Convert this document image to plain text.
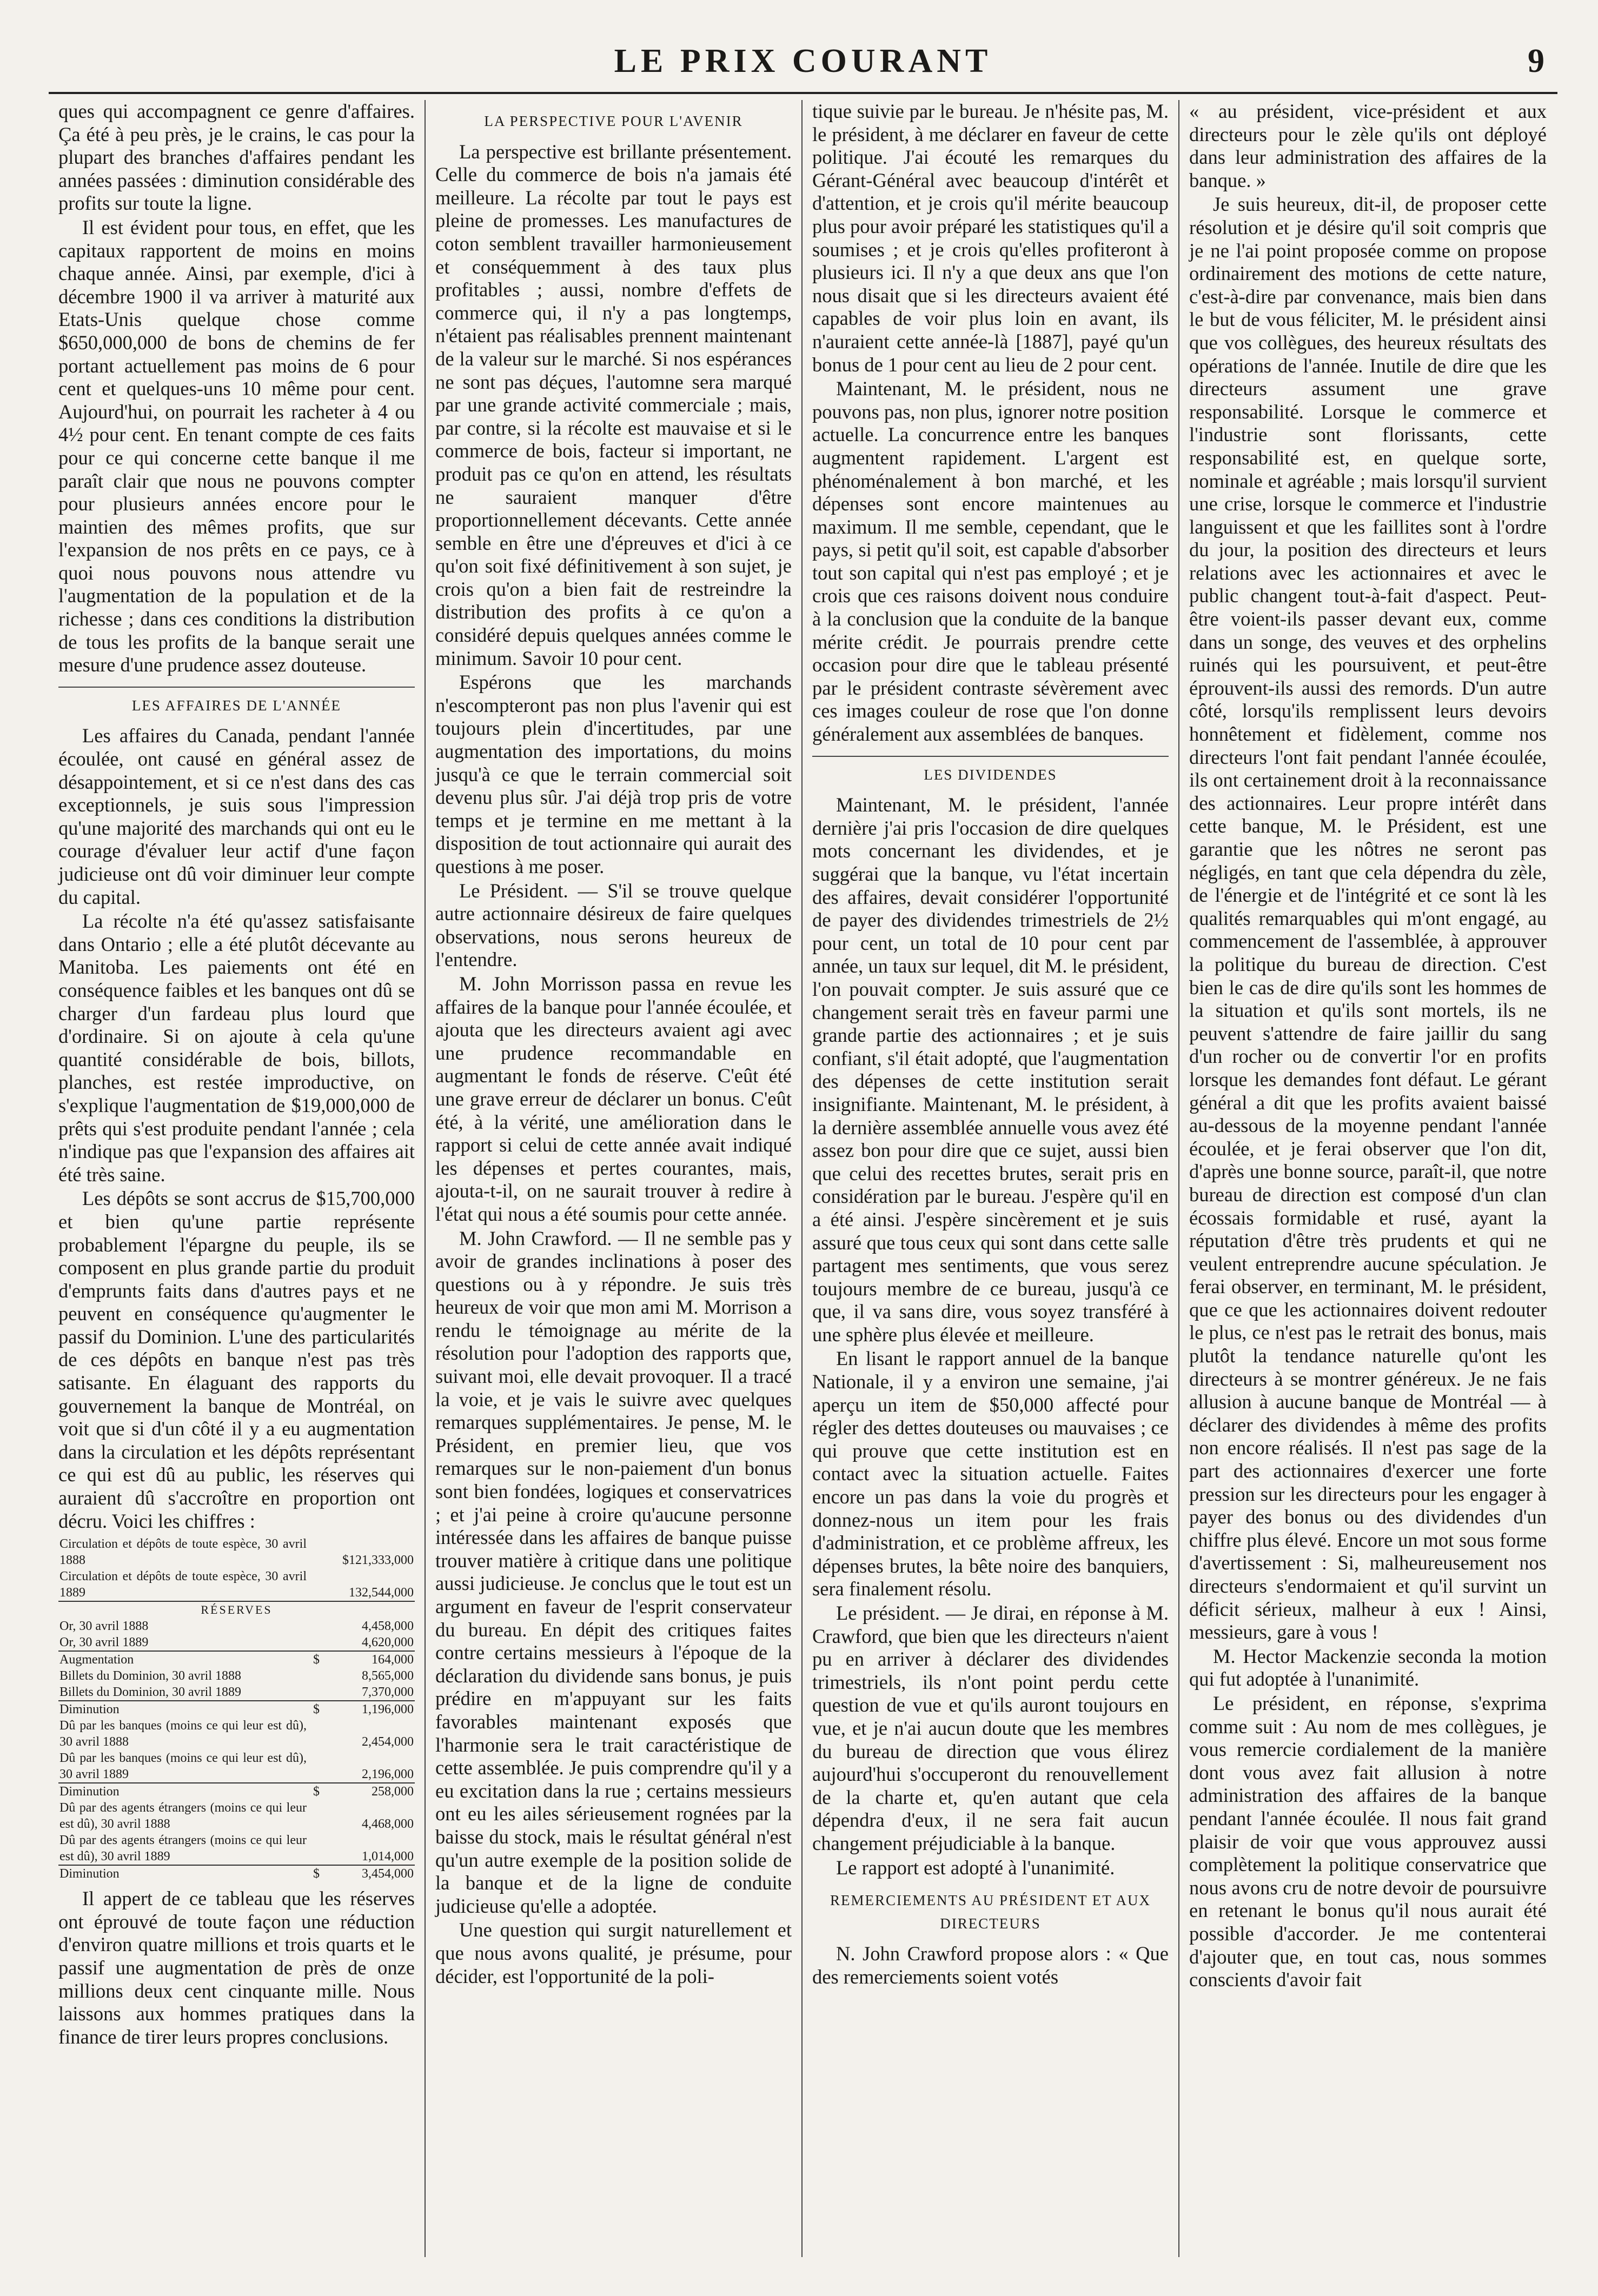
LE PRIX COURANT	9

ques qui accompagnent ce genre d'affaires. Ça été à peu près, je le crains, le cas pour la plupart des branches d'affaires pendant les années passées : diminution considérable des profits sur toute la ligne.

Il est évident pour tous, en effet, que les capitaux rapportent de moins en moins chaque année. Ainsi, par exemple, d'ici à décembre 1900 il va arriver à maturité aux Etats-Unis quelque chose comme $650,000,000 de bons de chemins de fer portant actuellement pas moins de 6 pour cent et quelques-uns 10 même pour cent. Aujourd'hui, on pourrait les racheter à 4 ou 4½ pour cent. En tenant compte de ces faits pour ce qui concerne cette banque il me paraît clair que nous ne pouvons compter pour plusieurs années encore pour le maintien des mêmes profits, que sur l'expansion de nos prêts en ce pays, ce à quoi nous pouvons nous attendre vu l'augmentation de la population et de la richesse ; dans ces conditions la distribution de tous les profits de la banque serait une mesure d'une prudence assez douteuse.

LES AFFAIRES DE L'ANNÉE

Les affaires du Canada, pendant l'année écoulée, ont causé en général assez de désappointement, et si ce n'est dans des cas exceptionnels, je suis sous l'impression qu'une majorité des marchands qui ont eu le courage d'évaluer leur actif d'une façon judicieuse ont dû voir diminuer leur compte du capital.

La récolte n'a été qu'assez satisfaisante dans Ontario ; elle a été plutôt décevante au Manitoba. Les paiements ont été en conséquence faibles et les banques ont dû se charger d'un fardeau plus lourd que d'ordinaire. Si on ajoute à cela qu'une quantité considérable de bois, billots, planches, est restée improductive, on s'explique l'augmentation de $19,000,000 de prêts qui s'est produite pendant l'année ; cela n'indique pas que l'expansion des affaires ait été très saine.

Les dépôts se sont accrus de $15,700,000 et bien qu'une partie représente probablement l'épargne du peuple, ils se composent en plus grande partie du produit d'emprunts faits dans d'autres pays et ne peuvent en conséquence qu'augmenter le passif du Dominion. L'une des particularités de ces dépôts en banque n'est pas très satisante. En élaguant des rapports du gouvernement la banque de Montréal, on voit que si d'un côté il y a eu augmentation dans la circulation et les dépôts représentant ce qui est dû au public, les réserves qui auraient dû s'accroître en proportion ont décru. Voici les chiffres :

Circulation et dépôts de toute espèce, 30 avril 1888		$121,333,000
Circulation et dépôts de toute espèce, 30 avril 1889		132,544,000
RÉSERVES		
Or, 30 avril 1888		4,458,000
Or, 30 avril 1889		4,620,000
Augmentation	$	164,000
Billets du Dominion, 30 avril 1888		8,565,000
Billets du Dominion, 30 avril 1889		7,370,000
Diminution	$	1,196,000
Dû par les banques (moins ce qui leur est dû), 30 avril 1888		2,454,000
Dû par les banques (moins ce qui leur est dû), 30 avril 1889		2,196,000
Diminution	$	258,000
Dû par des agents étrangers (moins ce qui leur est dû), 30 avril 1888		4,468,000
Dû par des agents étrangers (moins ce qui leur est dû), 30 avril 1889		1,014,000
Diminution	$	3,454,000

Il appert de ce tableau que les réserves ont éprouvé de toute façon une réduction d'environ quatre millions et trois quarts et le passif une augmentation de près de onze millions deux cent cinquante mille. Nous laissons aux hommes pratiques dans la finance de tirer leurs propres conclusions.

LA PERSPECTIVE POUR L'AVENIR

La perspective est brillante présentement. Celle du commerce de bois n'a jamais été meilleure. La récolte par tout le pays est pleine de promesses. Les manufactures de coton semblent travailler harmonieusement et conséquemment à des taux plus profitables ; aussi, nombre d'effets de commerce qui, il n'y a pas longtemps, n'étaient pas réalisables prennent maintenant de la valeur sur le marché. Si nos espérances ne sont pas déçues, l'automne sera marqué par une grande activité commerciale ; mais, par contre, si la récolte est mauvaise et si le commerce de bois, facteur si important, ne produit pas ce qu'on en attend, les résultats ne sauraient manquer d'être proportionnellement décevants. Cette année semble en être une d'épreuves et d'ici à ce qu'on soit fixé définitivement à son sujet, je crois qu'on a bien fait de restreindre la distribution des profits à ce qu'on a considéré depuis quelques années comme le minimum. Savoir 10 pour cent.

Espérons que les marchands n'escompteront pas non plus l'avenir qui est toujours plein d'incertitudes, par une augmentation des importations, du moins jusqu'à ce que le terrain commercial soit devenu plus sûr. J'ai déjà trop pris de votre temps et je termine en me mettant à la disposition de tout actionnaire qui aurait des questions à me poser.

Le Président. — S'il se trouve quelque autre actionnaire désireux de faire quelques observations, nous serons heureux de l'entendre.

M. John Morrisson passa en revue les affaires de la banque pour l'année écoulée, et ajouta que les directeurs avaient agi avec une prudence recommandable en augmentant le fonds de réserve. C'eût été une grave erreur de déclarer un bonus. C'eût été, à la vérité, une amélioration dans le rapport si celui de cette année avait indiqué les dépenses et pertes courantes, mais, ajouta-t-il, on ne saurait trouver à redire à l'état qui nous a été soumis pour cette année.

M. John Crawford. — Il ne semble pas y avoir de grandes inclinations à poser des questions ou à y répondre. Je suis très heureux de voir que mon ami M. Morrison a rendu le témoignage au mérite de la résolution pour l'adoption des rapports que, suivant moi, elle devait provoquer. Il a tracé la voie, et je vais le suivre avec quelques remarques supplémentaires. Je pense, M. le Président, en premier lieu, que vos remarques sur le non-paiement d'un bonus sont bien fondées, logiques et conservatrices ; et j'ai peine à croire qu'aucune personne intéressée dans les affaires de banque puisse trouver matière à critique dans une politique aussi judicieuse. Je conclus que le tout est un argument en faveur de l'esprit conservateur du bureau. En dépit des critiques faites contre certains messieurs à l'époque de la déclaration du dividende sans bonus, je puis prédire en m'appuyant sur les faits favorables maintenant exposés que l'harmonie sera le trait caractéristique de cette assemblée. Je puis comprendre qu'il y a eu excitation dans la rue ; certains messieurs ont eu les ailes sérieusement rognées par la baisse du stock, mais le résultat général n'est qu'un autre exemple de la position solide de la banque et de la ligne de conduite judicieuse qu'elle a adoptée.

Une question qui surgit naturellement et que nous avons qualité, je présume, pour décider, est l'opportunité de la poli-

tique suivie par le bureau. Je n'hésite pas, M. le président, à me déclarer en faveur de cette politique. J'ai écouté les remarques du Gérant-Général avec beaucoup d'intérêt et d'attention, et je crois qu'il mérite beaucoup plus pour avoir préparé les statistiques qu'il a soumises ; et je crois qu'elles profiteront à plusieurs ici. Il n'y a que deux ans que l'on nous disait que si les directeurs avaient été capables de voir plus loin en avant, ils n'auraient cette année-là [1887], payé qu'un bonus de 1 pour cent au lieu de 2 pour cent.

Maintenant, M. le président, nous ne pouvons pas, non plus, ignorer notre position actuelle. La concurrence entre les banques augmentent rapidement. L'argent est phénoménalement à bon marché, et les dépenses sont encore maintenues au maximum. Il me semble, cependant, que le pays, si petit qu'il soit, est capable d'absorber tout son capital qui n'est pas employé ; et je crois que ces raisons doivent nous conduire à la conclusion que la conduite de la banque mérite crédit. Je pourrais prendre cette occasion pour dire que le tableau présenté par le président contraste sévèrement avec ces images couleur de rose que l'on donne généralement aux assemblées de banques.

LES DIVIDENDES

Maintenant, M. le président, l'année dernière j'ai pris l'occasion de dire quelques mots concernant les dividendes, et je suggérai que la banque, vu l'état incertain des affaires, devait considérer l'opportunité de payer des dividendes trimestriels de 2½ pour cent, un total de 10 pour cent par année, un taux sur lequel, dit M. le président, l'on pouvait compter. Je suis assuré que ce changement serait très en faveur parmi une grande partie des actionnaires ; et je suis confiant, s'il était adopté, que l'augmentation des dépenses de cette institution serait insignifiante. Maintenant, M. le président, à la dernière assemblée annuelle vous avez été assez bon pour dire que ce sujet, aussi bien que celui des recettes brutes, serait pris en considération par le bureau. J'espère qu'il en a été ainsi. J'espère sincèrement et je suis assuré que tous ceux qui sont dans cette salle partagent mes sentiments, que vous serez toujours membre de ce bureau, jusqu'à ce que, il va sans dire, vous soyez transféré à une sphère plus élevée et meilleure.

En lisant le rapport annuel de la banque Nationale, il y a environ une semaine, j'ai aperçu un item de $50,000 affecté pour régler des dettes douteuses ou mauvaises ; ce qui prouve que cette institution est en contact avec la situation actuelle. Faites encore un pas dans la voie du progrès et donnez-nous un item pour les frais d'administration, et ce problème affreux, les dépenses brutes, la bête noire des banquiers, sera finalement résolu.

Le président. — Je dirai, en réponse à M. Crawford, que bien que les directeurs n'aient pu en arriver à déclarer des dividendes trimestriels, ils n'ont point perdu cette question de vue et qu'ils auront toujours en vue, et je n'ai aucun doute que les membres du bureau de direction que vous élirez aujourd'hui s'occuperont du renouvellement de la charte et, qu'en autant que cela dépendra d'eux, il ne sera fait aucun changement préjudiciable à la banque.

Le rapport est adopté à l'unanimité.

REMERCIEMENTS AU PRÉSIDENT ET AUX DIRECTEURS

N. John Crawford propose alors : « Que des remerciements soient votés

« au président, vice-président et aux directeurs pour le zèle qu'ils ont déployé dans leur administration des affaires de la banque. »

Je suis heureux, dit-il, de proposer cette résolution et je désire qu'il soit compris que je ne l'ai point proposée comme on propose ordinairement des motions de cette nature, c'est-à-dire par convenance, mais bien dans le but de vous féliciter, M. le président ainsi que vos collègues, des heureux résultats des opérations de l'année. Inutile de dire que les directeurs assument une grave responsabilité. Lorsque le commerce et l'industrie sont florissants, cette responsabilité est, en quelque sorte, nominale et agréable ; mais lorsqu'il survient une crise, lorsque le commerce et l'industrie languissent et que les faillites sont à l'ordre du jour, la position des directeurs et leurs relations avec les actionnaires et avec le public changent tout-à-fait d'aspect. Peut-être voient-ils passer devant eux, comme dans un songe, des veuves et des orphelins ruinés qui les poursuivent, et peut-être éprouvent-ils aussi des remords. D'un autre côté, lorsqu'ils remplissent leurs devoirs honnêtement et fidèlement, comme nos directeurs l'ont fait pendant l'année écoulée, ils ont certainement droit à la reconnaissance des actionnaires. Leur propre intérêt dans cette banque, M. le Président, est une garantie que les nôtres ne seront pas négligés, en tant que cela dépendra du zèle, de l'énergie et de l'intégrité et ce sont là les qualités remarquables qui m'ont engagé, au commencement de l'assemblée, à approuver la politique du bureau de direction. C'est bien le cas de dire qu'ils sont les hommes de la situation et qu'ils sont mortels, ils ne peuvent s'attendre de faire jaillir du sang d'un rocher ou de convertir l'or en profits lorsque les demandes font défaut. Le gérant général a dit que les profits avaient baissé au-dessous de la moyenne pendant l'année écoulée, et je ferai observer que l'on dit, d'après une bonne source, paraît-il, que notre bureau de direction est composé d'un clan écossais formidable et rusé, ayant la réputation d'être très prudents et qui ne veulent entreprendre aucune spéculation. Je ferai observer, en terminant, M. le président, que ce que les actionnaires doivent redouter le plus, ce n'est pas le retrait des bonus, mais plutôt la tendance naturelle qu'ont les directeurs à se montrer généreux. Je ne fais allusion à aucune banque de Montréal — à déclarer des dividendes à même des profits non encore réalisés. Il n'est pas sage de la part des actionnaires d'exercer une forte pression sur les directeurs pour les engager à payer des bonus ou des dividendes d'un chiffre plus élevé. Encore un mot sous forme d'avertissement : Si, malheureusement nos directeurs s'endormaient et qu'il survint un déficit sérieux, malheur à eux ! Ainsi, messieurs, gare à vous !

M. Hector Mackenzie seconda la motion qui fut adoptée à l'unanimité.

Le président, en réponse, s'exprima comme suit : Au nom de mes collègues, je vous remercie cordialement de la manière dont vous avez fait allusion à notre administration des affaires de la banque pendant l'année écoulée. Il nous fait grand plaisir de voir que vous approuvez aussi complètement la politique conservatrice que nous avons cru de notre devoir de poursuivre en retenant le bonus qu'il nous aurait été possible d'accorder. Je me contenterai d'ajouter que, en tout cas, nous sommes conscients d'avoir fait
